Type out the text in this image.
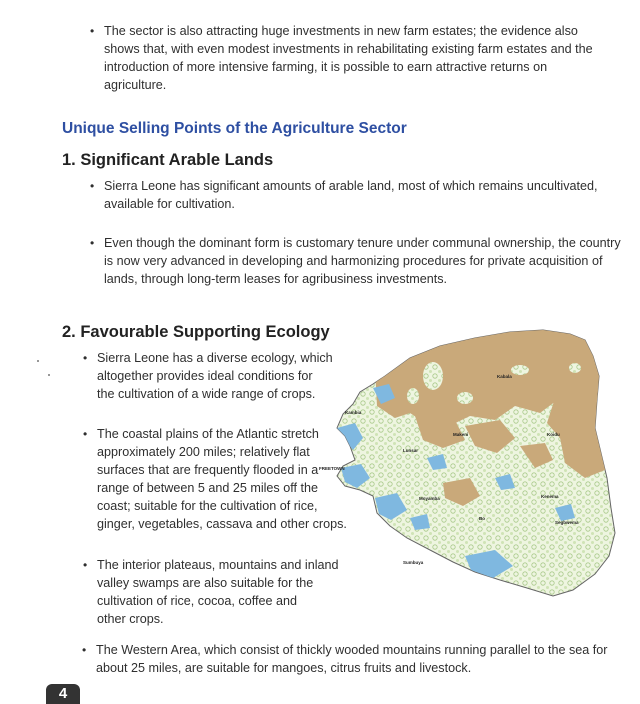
• The sector is also attracting huge investments in new farm estates; the evidence also
shows that, with even modest investments in rehabilitating existing farm estates and the
introduction of more intensive farming, it is possible to earn attractive returns on
agriculture.
Unique Selling Points of the Agriculture Sector
1. Significant Arable Lands
• Sierra Leone has significant amounts of arable land, most of which remains uncultivated,
available for cultivation.
• Even though the dominant form is customary tenure under communal ownership, the country
is now very advanced in developing and harmonizing procedures for private acquisition of
lands, through long-term leases for agribusiness investments.
2. Favourable Supporting Ecology
• Sierra Leone has a diverse ecology, which
altogether provides ideal conditions for
the cultivation of a wide range of crops.
• The coastal plains of the Atlantic stretch
approximately 200 miles; relatively flat
surfaces that are frequently flooded in a
range of between 5 and 25 miles off the
coast; suitable for the cultivation of rice,
ginger, vegetables, cassava and other crops.
• The interior plateaus, mountains and inland
valley swamps are also suitable for the
cultivation of rice, cocoa, coffee and
other crops.
• The Western Area, which consist of thickly wooded mountains running parallel to the sea for
about 25 miles, are suitable for mangoes, citrus fruits and livestock.
Kabala
Kambia
Makeni
Lunsar
FREETOWN
Moyamba
Bo
Kenema
Koidu
Sumbuya
Segbwema
4
